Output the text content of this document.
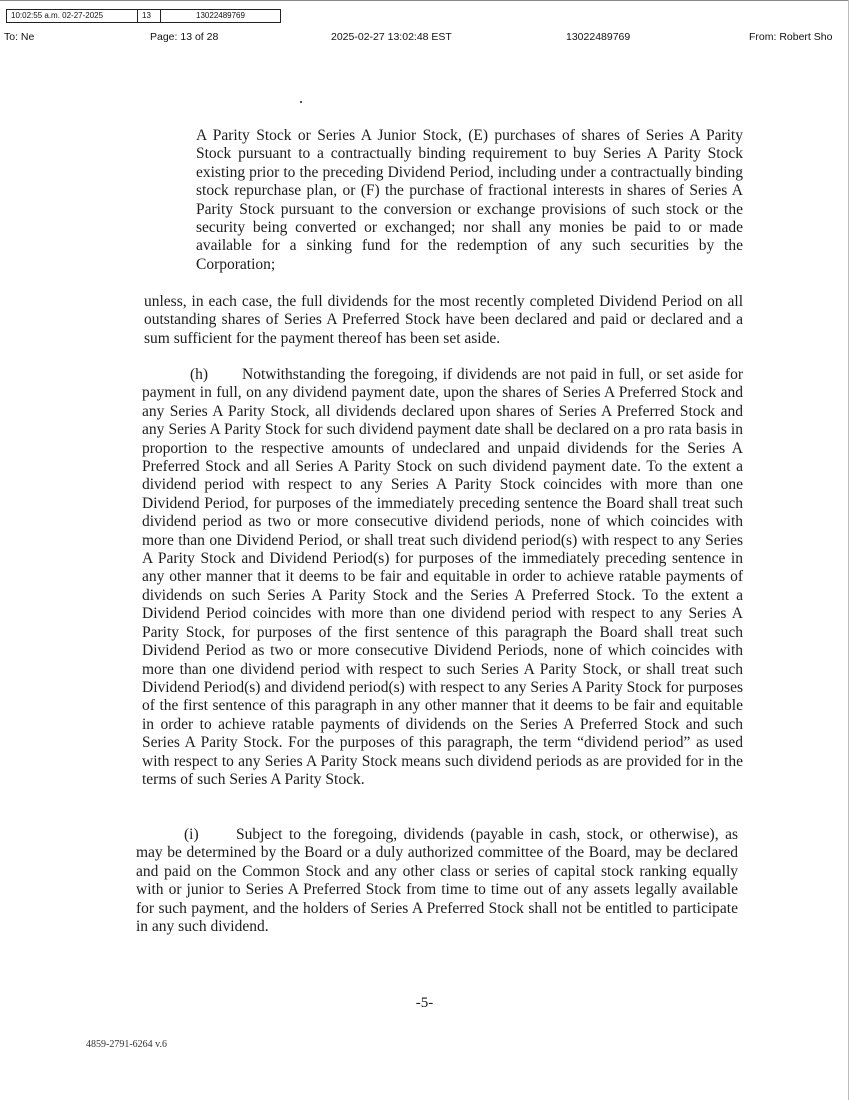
10:02:55 a.m. 02-27-2025	13	13022489769
To: Ne	Page: 13 of 28	2025-02-27 13:02:48 EST	13022489769	From: Robert Sho
A Parity Stock or Series A Junior Stock, (E) purchases of shares of Series A Parity Stock pursuant to a contractually binding requirement to buy Series A Parity Stock existing prior to the preceding Dividend Period, including under a contractually binding stock repurchase plan, or (F) the purchase of fractional interests in shares of Series A Parity Stock pursuant to the conversion or exchange provisions of such stock or the security being converted or exchanged; nor shall any monies be paid to or made available for a sinking fund for the redemption of any such securities by the Corporation;
unless, in each case, the full dividends for the most recently completed Dividend Period on all outstanding shares of Series A Preferred Stock have been declared and paid or declared and a sum sufficient for the payment thereof has been set aside.
(h) Notwithstanding the foregoing, if dividends are not paid in full, or set aside for payment in full, on any dividend payment date, upon the shares of Series A Preferred Stock and any Series A Parity Stock, all dividends declared upon shares of Series A Preferred Stock and any Series A Parity Stock for such dividend payment date shall be declared on a pro rata basis in proportion to the respective amounts of undeclared and unpaid dividends for the Series A Preferred Stock and all Series A Parity Stock on such dividend payment date. To the extent a dividend period with respect to any Series A Parity Stock coincides with more than one Dividend Period, for purposes of the immediately preceding sentence the Board shall treat such dividend period as two or more consecutive dividend periods, none of which coincides with more than one Dividend Period, or shall treat such dividend period(s) with respect to any Series A Parity Stock and Dividend Period(s) for purposes of the immediately preceding sentence in any other manner that it deems to be fair and equitable in order to achieve ratable payments of dividends on such Series A Parity Stock and the Series A Preferred Stock. To the extent a Dividend Period coincides with more than one dividend period with respect to any Series A Parity Stock, for purposes of the first sentence of this paragraph the Board shall treat such Dividend Period as two or more consecutive Dividend Periods, none of which coincides with more than one dividend period with respect to such Series A Parity Stock, or shall treat such Dividend Period(s) and dividend period(s) with respect to any Series A Parity Stock for purposes of the first sentence of this paragraph in any other manner that it deems to be fair and equitable in order to achieve ratable payments of dividends on the Series A Preferred Stock and such Series A Parity Stock. For the purposes of this paragraph, the term “dividend period” as used with respect to any Series A Parity Stock means such dividend periods as are provided for in the terms of such Series A Parity Stock.
(i) Subject to the foregoing, dividends (payable in cash, stock, or otherwise), as may be determined by the Board or a duly authorized committee of the Board, may be declared and paid on the Common Stock and any other class or series of capital stock ranking equally with or junior to Series A Preferred Stock from time to time out of any assets legally available for such payment, and the holders of Series A Preferred Stock shall not be entitled to participate in any such dividend.
-5-
4859-2791-6264 v.6
